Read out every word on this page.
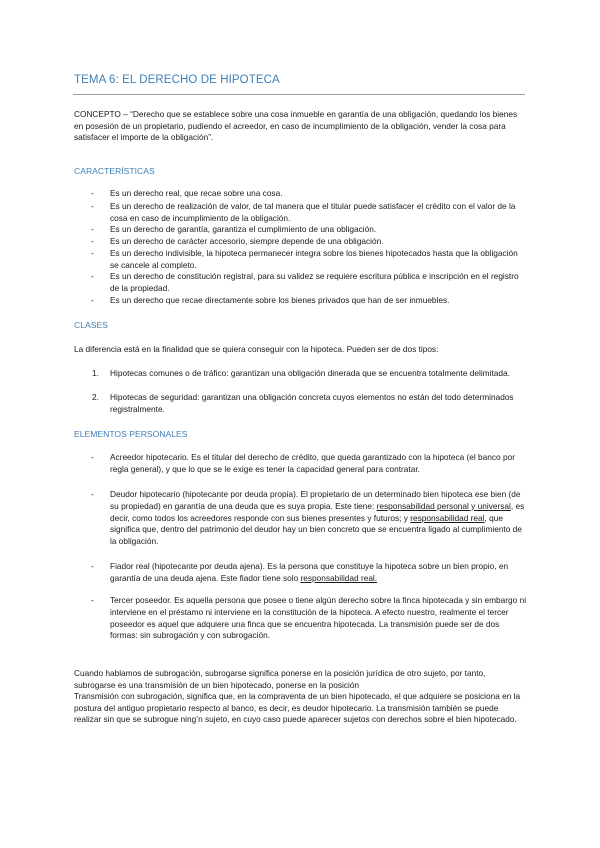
TEMA 6: EL DERECHO DE HIPOTECA
CONCEPTO – “Derecho que se establece sobre una cosa inmueble en garantía de una obligación, quedando los bienes en posesión de un propietario, pudiendo el acreedor, en caso de incumplimiento de la obligación, vender la cosa para satisfacer el importe de la obligación”.
CARACTERÍSTICAS
- Es un derecho real, que recae sobre una cosa.
- Es un derecho de realización de valor, de tal manera que el titular puede satisfacer el crédito con el valor de la cosa en caso de incumplimiento de la obligación.
- Es un derecho de garantía, garantiza el cumplimiento de una obligación.
- Es un derecho de carácter accesorio, siempre depende de una obligación.
- Es un derecho indivisible, la hipoteca permanecer integra sobre los bienes hipotecados hasta que la obligación se cancele al completo.
- Es un derecho de constitución registral, para su validez se requiere escritura pública e inscripción en el registro de la propiedad.
- Es un derecho que recae directamente sobre los bienes privados que han de ser inmuebles.
CLASES
La diferencia está en la finalidad que se quiera conseguir con la hipoteca. Pueden ser de dos tipos:
1. Hipotecas comunes o de tráfico: garantizan una obligación dinerada que se encuentra totalmente delimitada.
2. Hipotecas de seguridad: garantizan una obligación concreta cuyos elementos no están del todo determinados registralmente.
ELEMENTOS PERSONALES
- Acreedor hipotecario. Es el titular del derecho de crédito, que queda garantizado con la hipoteca (el banco por regla general), y que lo que se le exige es tener la capacidad general para contratar.
- Deudor hipotecario (hipotecante por deuda propia). El propietario de un determinado bien hipoteca ese bien (de su propiedad) en garantía de una deuda que es suya propia. Este tiene: responsabilidad personal y universal, es decir, como todos los acreedores responde con sus bienes presentes y futuros; y responsabilidad real, que significa que, dentro del patrimonio del deudor hay un bien concreto que se encuentra ligado al cumplimiento de la obligación.
- Fiador real (hipotecante por deuda ajena). Es la persona que constituye la hipoteca sobre un bien propio, en garantía de una deuda ajena. Este fiador tiene solo responsabilidad real.
- Tercer poseedor. Es aquella persona que posee o tiene algún derecho sobre la finca hipotecada y sin embargo ni interviene en el préstamo ni interviene en la constitución de la hipoteca. A efecto nuestro, realmente el tercer poseedor es aquel que adquiere una finca que se encuentra hipotecada. La transmisión puede ser de dos formas: sin subrogación y con subrogación.
Cuando hablamos de subrogación, subrogarse significa ponerse en la posición jurídica de otro sujeto, por tanto, subrogarse es una transmisión de un bien hipotecado, ponerse en la posición
Transmisión con subrogación, significa que, en la compraventa de un bien hipotecado, el que adquiere se posiciona en la postura del antiguo propietario respecto al banco, es decir, es deudor hipotecario. La transmisión también se puede realizar sin que se subrogue ning’n sujeto, en cuyo caso puede aparecer sujetos con derechos sobre el bien hipotecado.
